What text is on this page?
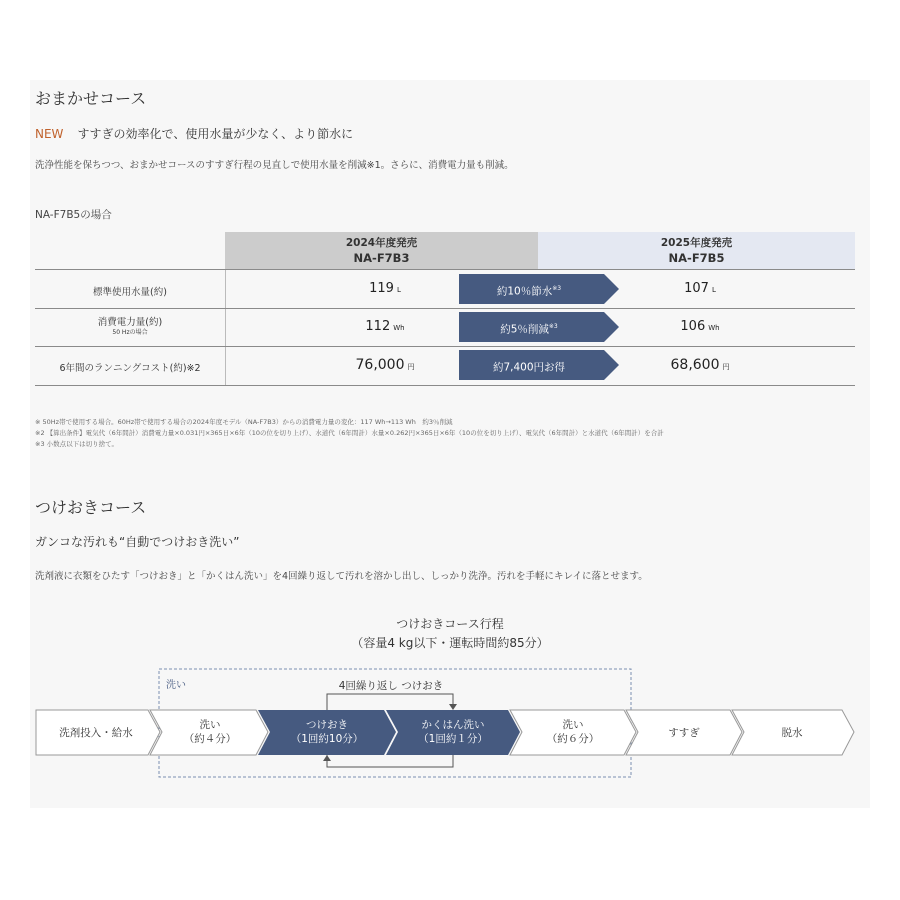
おまかせコース
NEW すすぎの効率化で、使用水量が少なく、より節水に
洗浄性能を保ちつつ、おまかせコースのすすぎ行程の見直しで使用水量を削減※1。さらに、消費電力量も削減。
NA-F7B5の場合
2024年度発売
NA-F7B3
2025年度発売
NA-F7B5
標準使用水量(約)	119 L	約10％節水$^{※3}$	107 L
消費電力量(約)
50 Hzの場合	112 Wh	約5％削減$^{※3}$	106 Wh
6年間のランニングコスト(約)※2	76,000 円	約7,400円お得	68,600 円
※ 50Hz帯で使用する場合。60Hz帯で使用する場合の2024年度モデル（NA-F7B3）からの消費電力量の変化：117 Wh→113 Wh　約3％削減
※2 【算出条件】電気代（6年間計）消費電力量×0.031円×365日×6年（10の位を切り上げ）、水道代（6年間計）水量×0.262円×365日×6年（10の位を切り上げ）、電気代（6年間計）と水道代（6年間計）を合計
※3 小数点以下は切り捨て。
つけおきコース
ガンコな汚れも“自動でつけおき洗い”
洗剤液に衣類をひたす「つけおき」と「かくはん洗い」を4回繰り返して汚れを溶かし出し、しっかり洗浄。汚れを手軽にキレイに落とせます。
つけおきコース行程
（容量4 kg以下・運転時間約85分）
洗い	4回繰り返し つけおき
洗剤投入・給水
洗い
（約４分）
つけおき
（1回約10分）
かくはん洗い
（1回約１分）
洗い
（約６分）	すすぎ	脱水
